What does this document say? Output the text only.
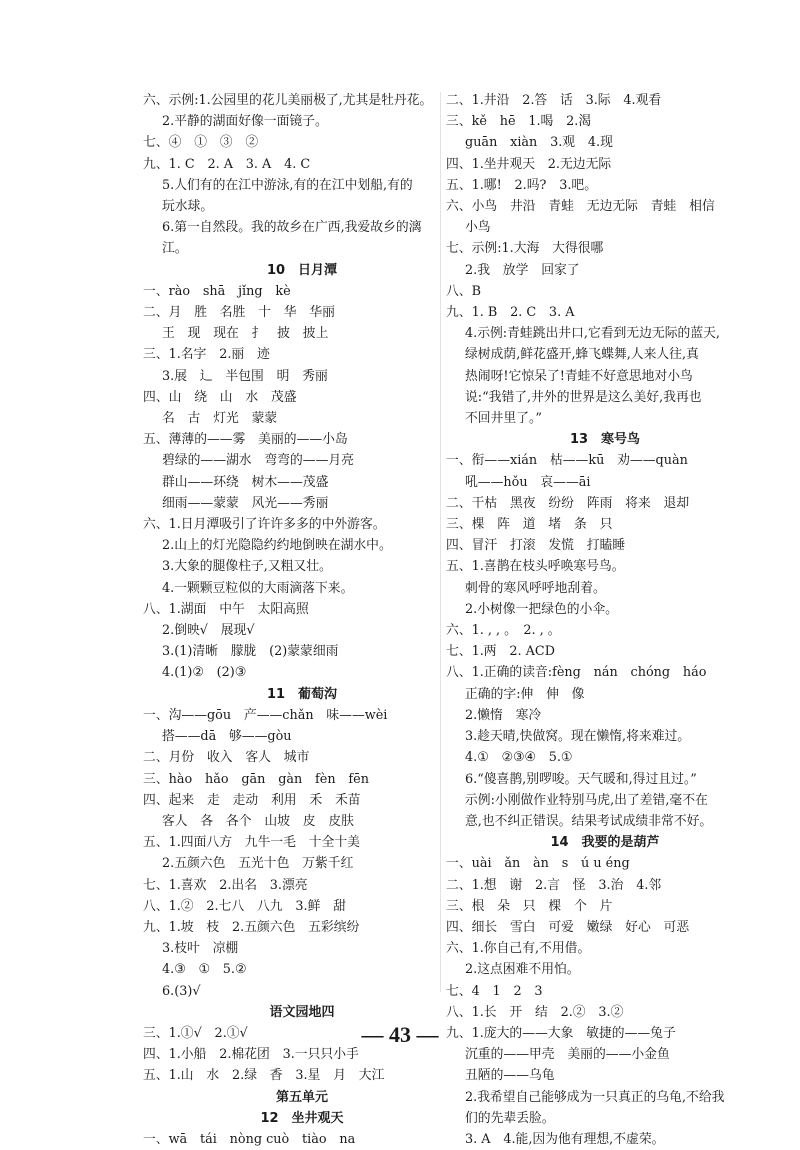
六、示例:1.公园里的花儿美丽极了,尤其是牡丹花。
2.平静的湖面好像一面镜子。
七、④　①　③　②
九、1. C　2. A　3. A　4. C
5.人们有的在江中游泳,有的在江中划船,有的
玩水球。
6.第一自然段。我的故乡在广西,我爱故乡的漓
江。
10　日月潭
一、rào　shā　jǐng　kè
二、月　胜　名胜　十　华　华丽
王　现　现在　扌　披　披上
三、1.名字　2.丽　迹
3.展　辶　半包围　明　秀丽
四、山　绕　山　水　茂盛
名　古　灯光　蒙蒙
五、薄薄的——雾　美丽的——小岛
碧绿的——湖水　弯弯的——月亮
群山——环绕　树木——茂盛
细雨——蒙蒙　风光——秀丽
六、1.日月潭吸引了许许多多的中外游客。
2.山上的灯光隐隐约约地倒映在湖水中。
3.大象的腿像柱子,又粗又壮。
4.一颗颗豆粒似的大雨滴落下来。
八、1.湖面　中午　太阳高照
2.倒映√　展现√
3.(1)清晰　朦胧　(2)蒙蒙细雨
4.(1)②　(2)③
11　葡萄沟
一、沟——gōu　产——chǎn　味——wèi
搭——dā　够——gòu
二、月份　收入　客人　城市
三、hào　hǎo　gān　gàn　fèn　fēn
四、起来　走　走动　利用　禾　禾苗
客人　各　各个　山坡　皮　皮肤
五、1.四面八方　九牛一毛　十全十美
2.五颜六色　五光十色　万紫千红
七、1.喜欢　2.出名　3.漂亮
八、1.②　2.七八　八九　3.鲜　甜
九、1.坡　枝　2.五颜六色　五彩缤纷
3.枝叶　凉棚
4.③　①　5.②
6.(3)√
语文园地四
三、1.①√　2.①√
四、1.小船　2.棉花团　3.一只只小手
五、1.山　水　2.绿　香　3.星　月　大江
第五单元
12　坐井观天
一、wā　tái　nòng cuò　tiào　na
二、1.井沿　2.答　话　3.际　4.观看
三、kě　hē　1.喝　2.渴
guān　xiàn　3.观　4.现
四、1.坐井观天　2.无边无际
五、1.哪!　2.吗?　3.吧。
六、小鸟　井沿　青蛙　无边无际　青蛙　相信
小鸟
七、示例:1.大海　大得很哪
2.我　放学　回家了
八、B
九、1. B　2. C　3. A
4.示例:青蛙跳出井口,它看到无边无际的蓝天,
绿树成荫,鲜花盛开,蜂飞蝶舞,人来人往,真
热闹呀!它惊呆了!青蛙不好意思地对小鸟
说:“我错了,井外的世界是这么美好,我再也
不回井里了。”
13　寒号鸟
一、衔——xián　枯——kū　劝——quàn
吼——hǒu　哀——āi
二、干枯　黑夜　纷纷　阵雨　将来　退却
三、棵　阵　道　堵　条　只
四、冒汗　打滚　发慌　打瞌睡
五、1.喜鹊在枝头呼唤寒号鸟。
刺骨的寒风呼呼地刮着。
2.小树像一把绿色的小伞。
六、1. , , 。　2. , 。
七、1.两　2. ACD
八、1.正确的读音:fèng　nán　chóng　háo
正确的字:伸　伸　像
2.懒惰　寒冷
3.趁天晴,快做窝。现在懒惰,将来难过。
4.①　②③④　5.①
6.“傻喜鹊,别啰唆。天气暖和,得过且过。”
示例:小刚做作业特别马虎,出了差错,毫不在
意,也不纠正错误。结果考试成绩非常不好。
14　我要的是葫芦
一、uài　ǎn　àn　s　ú u éng
二、1.想　谢　2.言　怪　3.治　4.邻
三、根　朵　只　棵　个　片
四、细长　雪白　可爱　嫩绿　好心　可恶
六、1.你自己有,不用借。
2.这点困难不用怕。
七、4　1　2　3
八、1.长　开　结　2.②　3.②
九、1.庞大的——大象　敏捷的——兔子
沉重的——甲壳　美丽的——小金鱼
丑陋的——乌龟
2.我希望自己能够成为一只真正的乌龟,不给我
们的先辈丢脸。
3. A　4.能,因为他有理想,不虚荣。
— 43 —
